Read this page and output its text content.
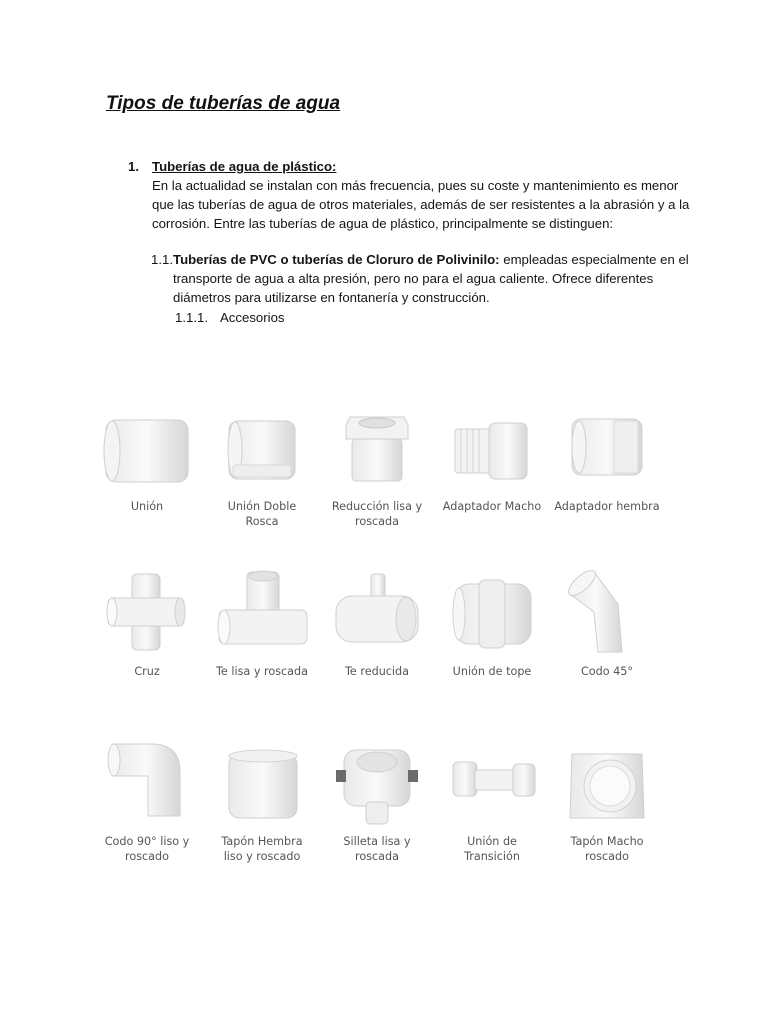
Tipos de tuberías de agua
1. Tuberías de agua de plástico:
En la actualidad se instalan con más frecuencia, pues su coste y mantenimiento es menor
que las tuberías de agua de otros materiales, además de ser resistentes a la abrasión y a la
corrosión. Entre las tuberías de agua de plástico, principalmente se distinguen:
1.1. Tuberías de PVC o tuberías de Cloruro de Polivinilo: empleadas especialmente en el
transporte de agua a alta presión, pero no para el agua caliente. Ofrece diferentes
diámetros para utilizarse en fontanería y construcción.
1.1.1. Accesorios
Unión	Unión Doble
Rosca
Reducción lisa y
roscada
Adaptador Macho	Adaptador hembra
Cruz	Te lisa y roscada	Te reducida	Unión de tope	Codo 45°
Codo 90° liso y
roscado
Tapón Hembra
liso y roscado
Silleta lisa y
roscada
Unión de
Transición
Tapón Macho
roscado
